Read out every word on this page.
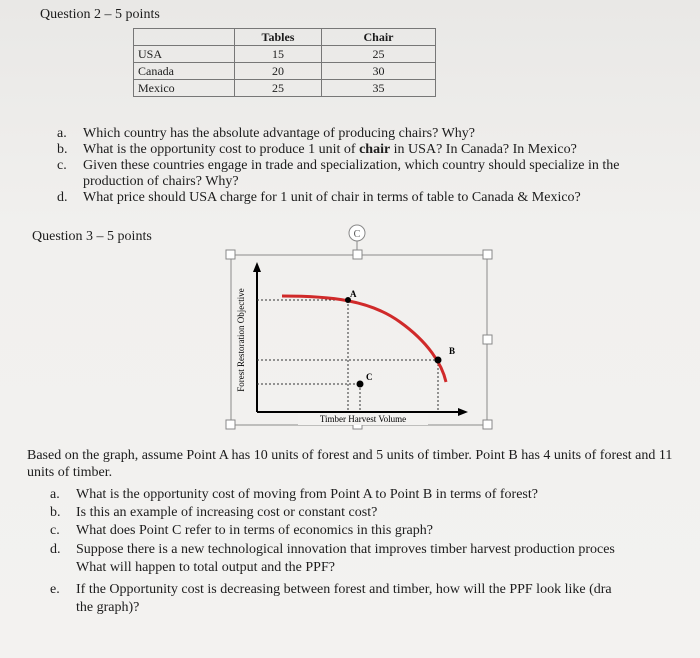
Question 2 – 5 points
	Tables	Chair
USA	15	25
Canada	20	30
Mexico	25	35
a. Which country has the absolute advantage of producing chairs? Why?
b. What is the opportunity cost to produce 1 unit of chair in USA? In Canada? In Mexico?
c. Given these countries engage in trade and specialization, which country should specialize in the
production of chairs? Why?
d. What price should USA charge for 1 unit of chair in terms of table to Canada & Mexico?
Question 3 – 5 points	C
A
B
C
Forest Restoration Objective
Timber Harvest Volume
Based on the graph, assume Point A has 10 units of forest and 5 units of timber. Point B has 4 units of forest and 11 units of timber.
a. What is the opportunity cost of moving from Point A to Point B in terms of forest?
b. Is this an example of increasing cost or constant cost?
c. What does Point C refer to in terms of economics in this graph?
d. Suppose there is a new technological innovation that improves timber harvest production proces
What will happen to total output and the PPF?
e. If the Opportunity cost is decreasing between forest and timber, how will the PPF look like (dra
the graph)?
